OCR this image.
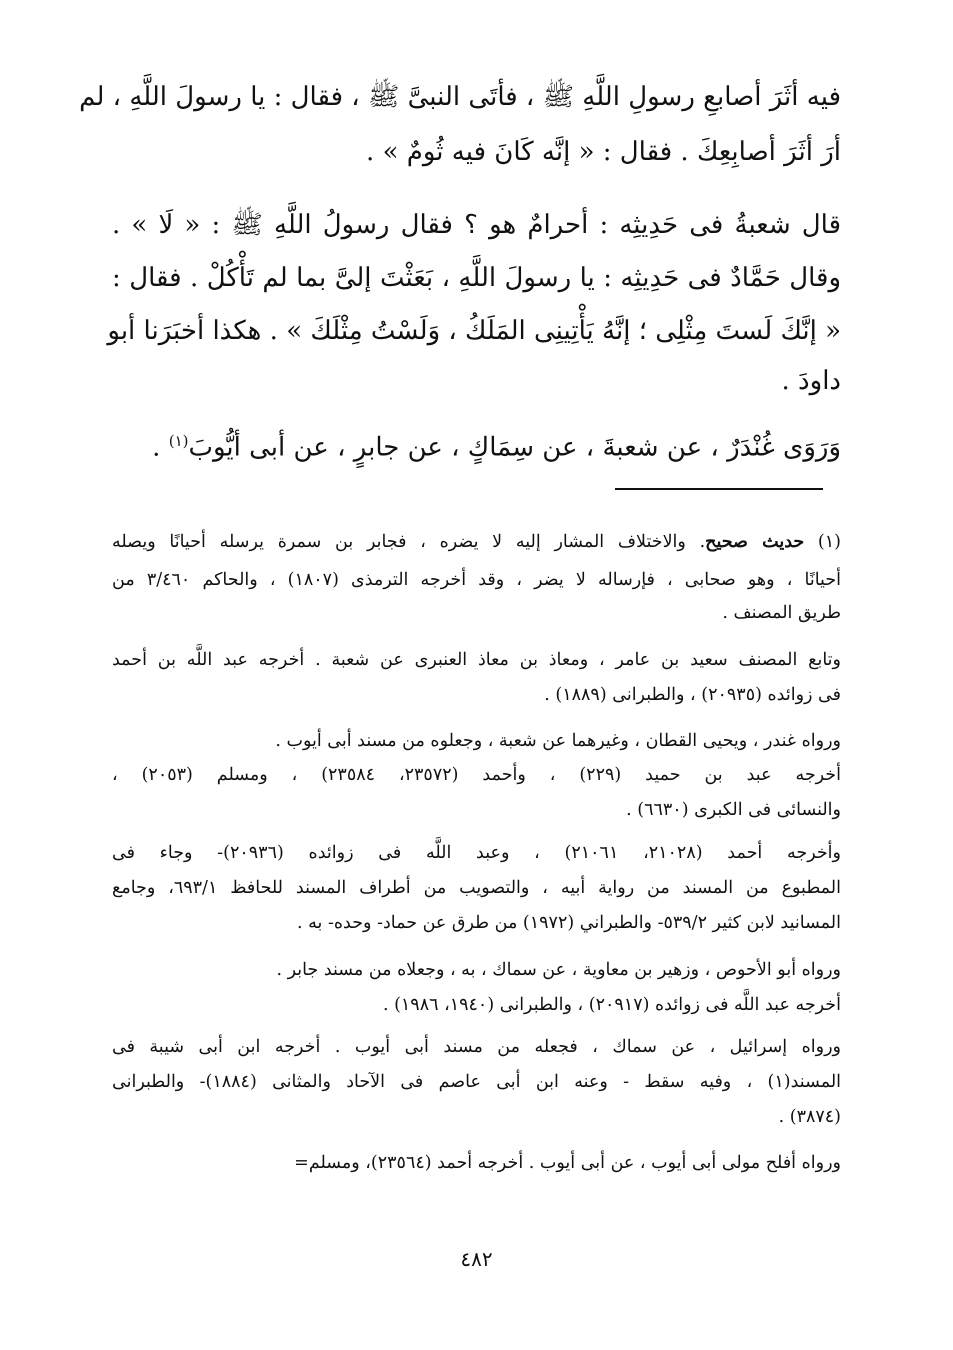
فيه أثَرَ أصابعِ رسولِ اللَّهِ ﷺ ، فأتَى النبىَّ ﷺ ، فقال : يا رسولَ اللَّهِ ، لم

أرَ أثَرَ أصابِعِكَ . فقال : « إنَّه كَانَ فيه ثُومٌ » .

قال شعبةُ فى حَدِيثِه : أحرامٌ هو ؟ فقال رسولُ اللَّهِ ﷺ : « لَا » .

وقال حَمَّادٌ فى حَدِيثِه : يا رسولَ اللَّهِ ، بَعَثْتَ إلىَّ بما لم تَأْكُلْ . فقال :

« إنَّكَ لَستَ مِثْلِى ؛ إنَّهُ يَأْتِينِى المَلَكُ ، وَلَسْتُ مِثْلَكَ » . هكذا أخبَرَنا أبو

داودَ .

وَرَوَى غُنْدَرٌ ، عن شعبةَ ، عن سِمَاكٍ ، عن جابرٍ ، عن أبى أيُّوبَ$^{(١)}$ .

(١) حديث صحيح. والاختلاف المشار إليه لا يضره ، فجابر بن سمرة يرسله أحيانًا ويصله

أحيانًا ، وهو صحابى ، فإرساله لا يضر ، وقد أخرجه الترمذى (١٨٠٧) ، والحاكم ٣/٤٦٠ من

طريق المصنف .

وتابع المصنف سعيد بن عامر ، ومعاذ بن معاذ العنبرى عن شعبة . أخرجه عبد اللَّه بن أحمد

فى زوائده (٢٠٩٣٥) ، والطبرانى (١٨٨٩) .

ورواه غندر ، ويحيى القطان ، وغيرهما عن شعبة ، وجعلوه من مسند أبى أيوب .

أخرجه عبد بن حميد (٢٢٩) ، وأحمد (٢٣٥٧٢، ٢٣٥٨٤) ، ومسلم (٢٠٥٣) ،

والنسائى فى الكبرى (٦٦٣٠) .

وأخرجه أحمد (٢١٠٢٨، ٢١٠٦١) ، وعبد اللَّه فى زوائده (٢٠٩٣٦)- وجاء فى

المطبوع من المسند من رواية أبيه ، والتصويب من أطراف المسند للحافظ ٦٩٣/١، وجامع

المسانيد لابن كثير ٥٣٩/٢- والطبراني (١٩٧٢) من طرق عن حماد- وحده- به .

ورواه أبو الأحوص ، وزهير بن معاوية ، عن سماك ، به ، وجعلاه من مسند جابر .

أخرجه عبد اللَّه فى زوائده (٢٠٩١٧) ، والطبرانى (١٩٤٠، ١٩٨٦) .

ورواه إسرائيل ، عن سماك ، فجعله من مسند أبى أيوب . أخرجه ابن أبى شيبة فى

المسند(١) ، وفيه سقط - وعنه ابن أبى عاصم فى الآحاد والمثانى (١٨٨٤)- والطبرانى

(٣٨٧٤) .

ورواه أفلح مولى أبى أيوب ، عن أبى أيوب . أخرجه أحمد (٢٣٥٦٤)، ومسلم=

٤٨٢
